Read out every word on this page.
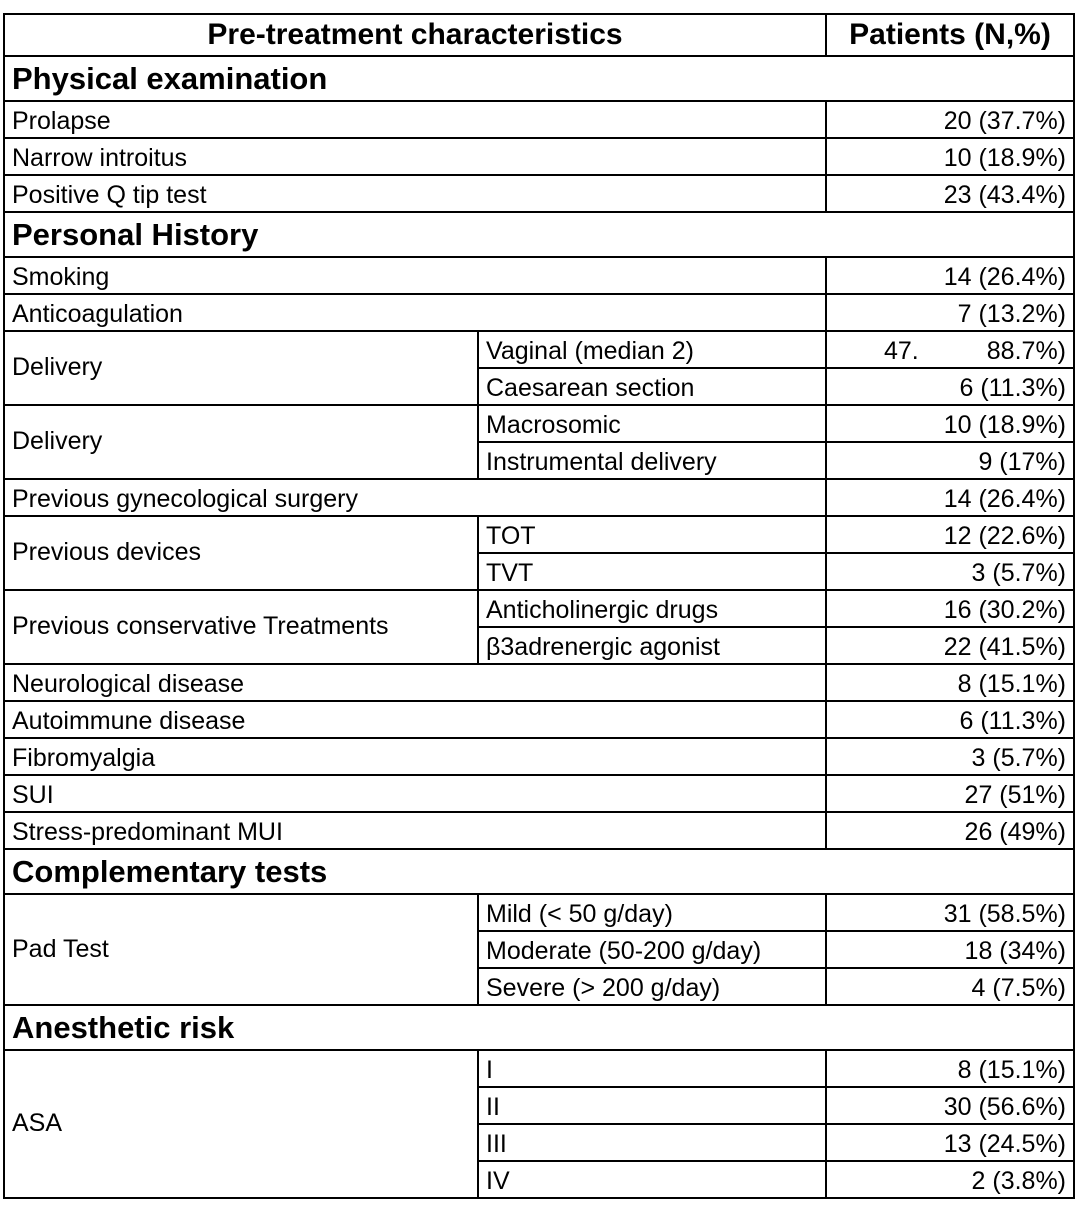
Pre-treatment characteristics		Patients (N,%)
Physical examination		
Prolapse		20 (37.7%)
Narrow introitus		10 (18.9%)
Positive Q tip test		23 (43.4%)
Personal History		
Smoking		14 (26.4%)
Anticoagulation		7 (13.2%)
Delivery	Vaginal (median 2)	47. 88.7%)

	Caesarean section	6 (11.3%)
Delivery	Macrosomic	10 (18.9%)
	Instrumental delivery	9 (17%)
Previous gynecological surgery		14 (26.4%)
Previous devices	TOT	12 (22.6%)
	TVT	3 (5.7%)
Previous conservative Treatments	Anticholinergic drugs	16 (30.2%)
	β3adrenergic agonist	22 (41.5%)
Neurological disease		8 (15.1%)
Autoimmune disease		6 (11.3%)
Fibromyalgia		3 (5.7%)
SUI		27 (51%)
Stress-predominant MUI		26 (49%)
Complementary tests		
Pad Test	Mild (< 50 g/day)	31 (58.5%)
	Moderate (50-200 g/day)	18 (34%)
	Severe (> 200 g/day)	4 (7.5%)
Anesthetic risk		
ASA	I	8 (15.1%)
	II	30 (56.6%)
	III	13 (24.5%)
	IV	2 (3.8%)
